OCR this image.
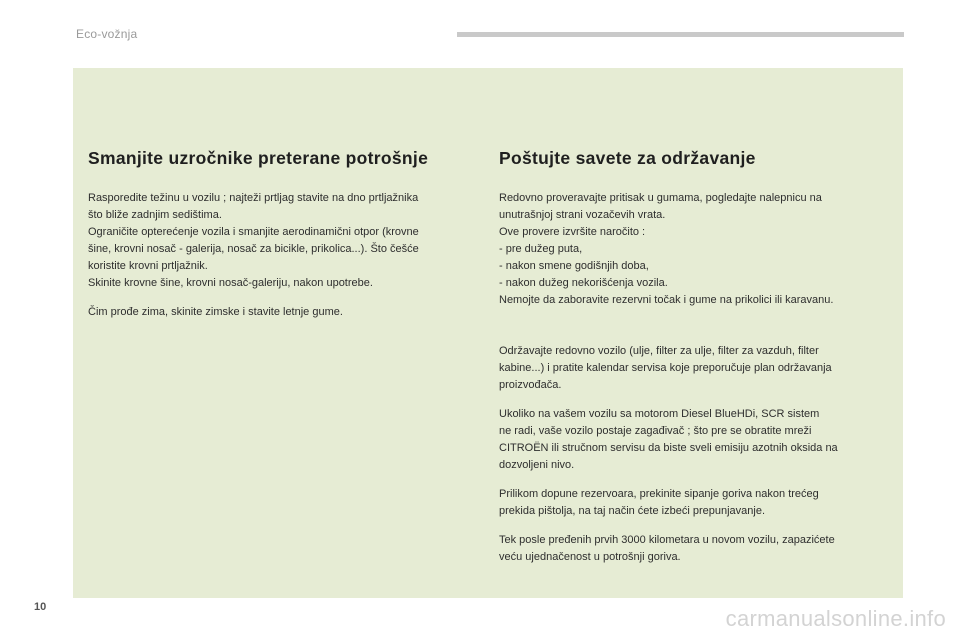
Eco-vožnja
Smanjite uzročnike preterane potrošnje

Rasporedite težinu u vozilu ; najteži prtljag stavite na dno prtljažnika
što bliže zadnjim sedištima.
Ograničite opterećenje vozila i smanjite aerodinamični otpor (krovne
šine, krovni nosač - galerija, nosač za bicikle, prikolica...). Što češće
koristite krovni prtljažnik.
Skinite krovne šine, krovni nosač-galeriju, nakon upotrebe.

Čim prođe zima, skinite zimske i stavite letnje gume.

Poštujte savete za održavanje

Redovno proveravajte pritisak u gumama, pogledajte nalepnicu na
unutrašnjoj strani vozačevih vrata.
Ove provere izvršite naročito :
- pre dužeg puta,
- nakon smene godišnjih doba,
- nakon dužeg nekorišćenja vozila.
Nemojte da zaboravite rezervni točak i gume na prikolici ili karavanu.

Održavajte redovno vozilo (ulje, filter za ulje, filter za vazduh, filter
kabine...) i pratite kalendar servisa koje preporučuje plan održavanja
proizvođača.

Ukoliko na vašem vozilu sa motorom Diesel BlueHDi, SCR sistem
ne radi, vaše vozilo postaje zagađivač ; što pre se obratite mreži
CITROËN ili stručnom servisu da biste sveli emisiju azotnih oksida na
dozvoljeni nivo.

Prilikom dopune rezervoara, prekinite sipanje goriva nakon trećeg
prekida pištolja, na taj način ćete izbeći prepunjavanje.

Tek posle pređenih prvih 3000 kilometara u novom vozilu, zapazićete
veću ujednačenost u potrošnji goriva.

10	carmanualsonline.info
